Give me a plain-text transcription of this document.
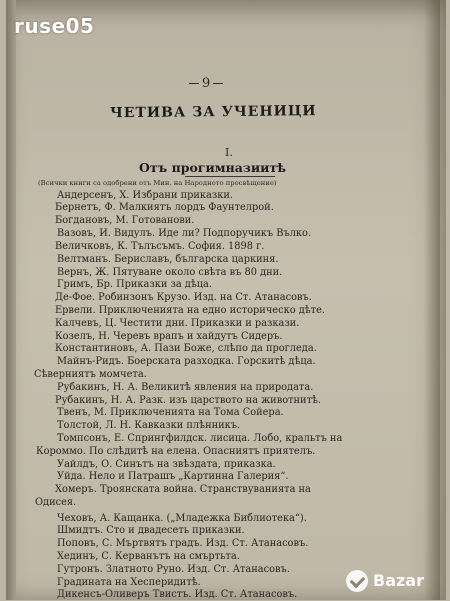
ruse05
9
ЧЕТИВА ЗА УЧЕНИЦИ
I.
Отъ прогимназиитѣ
(Всички книги са одобрени отъ Мин. на Народното просвѣщение)
Андерсенъ, Х. Избрани приказки.
Бернетъ, Ф. Малкиятъ лордъ Фаунтелрой.
Богдановъ, М. Готованови.
Вазовъ, И. Видулъ. Иде ли? Подпоручикъ Вълко.
Величковъ, К. Тълъсъмъ. София. 1898 г.
Велтманъ. Бериславъ, българска царкиня.
Вернъ, Ж. Пятуване около свѣта въ 80 дни.
Гримъ, Бр. Приказки за дѣца.
Де-Фое. Робинзонъ Крузо. Изд. на Ст. Атанасовъ.
Ервели. Приключенията на едно историческо дѣте.
Калчевъ, Ц. Честити дни. Приказки и разкази.
Козелъ, Н. Черевъ врапъ и хайдутъ Сидеръ.
Константиновъ, А. Пази Боже, слѣпо да проглeда.
Майнъ-Ридъ. Боерската разходка. Горскитѣ дѣца.
Сѣверниятъ момчета.
Рубакинъ, Н. А. Великитѣ явления на природата.
Рубакинъ, Н. А. Разк. изъ царството на животнитѣ.
Твенъ, М. Приключенията на Тома Сойера.
Толстой, Л. Н. Кавказки плѣнникъ.
Томпсонъ, Е. Спрингфилдск. лисица. Лобо, кральтъ на
Короммо. По слѣдитѣ на елена. Опасниятъ приятелъ.
Уайлдъ, О. Синътъ на звѣздата, приказка.
Уйда. Нело и Патрашъ „Картинна Галерия“.
Хомеръ. Троянската война. Странствуванията на
Одисея.
Чеховъ, А. Кащанка. („Младежка Библиотека“).
Шмидтъ. Сто и двадесеть приказки.
Поповъ, С. Мъртвятъ градъ. Изд. Ст. Атанасовъ.
Хединъ, С. Керванътъ на смъртьта.
Гутронъ. Златното Руно. Изд. Ст. Атанасовъ.
Градината на Хесперидитѣ.
Дикенсъ-Оливеръ Твистъ. Изд. Ст. Атанасовъ.
Bazar
